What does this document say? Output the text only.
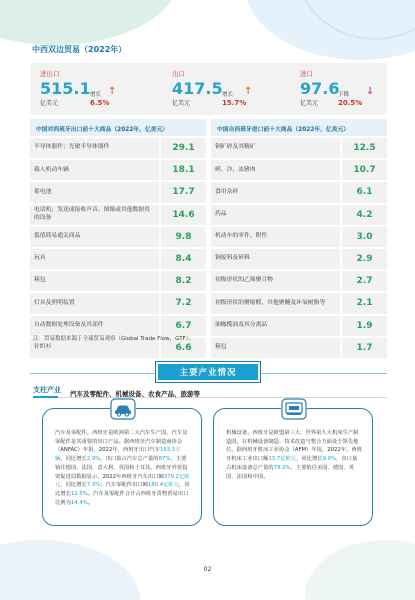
中西双边贸易（2022年）
进出口
515.1
亿美元
增长
6.5%
↑
出口
417.5
亿美元
增长
15.7%
↑
进口
97.6
亿美元
下降
20.5%
↓
中国对西班牙出口前十大商品（2022年，亿美元）
半导体器件；光敏半导体器件	29.1
载人机动车辆	18.1
蓄电池	17.7
电话机；发送或接收声音、图像或其他数据用的设备	14.6
低值简易通关商品	9.8
玩具	8.4
箱包	8.2
灯具及照明装置	7.2
自动数据处理设备及其部件	6.7
针织衫	6.6
中国自西班牙进口前十大商品（2022年，亿美元）
铜矿砂及其精矿	12.5
鲜、冷、冻猪肉	10.7
食用杂碎	6.1
药品	4.2
机动车的零件、附件	3.0
铜废料及碎料	2.9
初级形状的乙烯聚合物	2.7
初级形状的聚缩醛、其他聚醚及环氧树脂等	2.1
油橄榄油及其分离品	1.9
箱包	1.7
注：贸易数据来源于全球贸易观察（Global Trade Flow，GTF）。
主要产业情况
支柱产业 汽车及零配件、机械设备、农食产品、旅游等
汽车及零配件。西班牙是欧洲第二大汽车生产国，汽车及零配件是其重要的出口产品。据西班牙汽车制造商协会（ANFAC）年报，2022年，西班牙出口汽车193.3万辆，同比增长2.9%，出口量占汽车总产量的87%，主要销往德国、法国、意大利、英国和土耳其。西班牙外贸投资促进局数据显示，2022年西班牙汽车出口额379.2亿欧元，同比增长7.3%；汽车零配件出口额180.4亿欧元，同比增长12.5%。汽车及零配件合计占西班牙货物贸易出口比例为14.4%。
机械设备。西班牙是欧盟第三大、世界第九大机床生产制造国，在机械设备制造、技术改造与整合方面处于领先地位。据西班牙机床工业协会（AFM）年报，2022年，西班牙机床工业出口额13.7亿欧元，同比增长9.9%，出口量占机床设备总产量的79.2%，主要销往美国、德国、英国、法国和中国。
02
